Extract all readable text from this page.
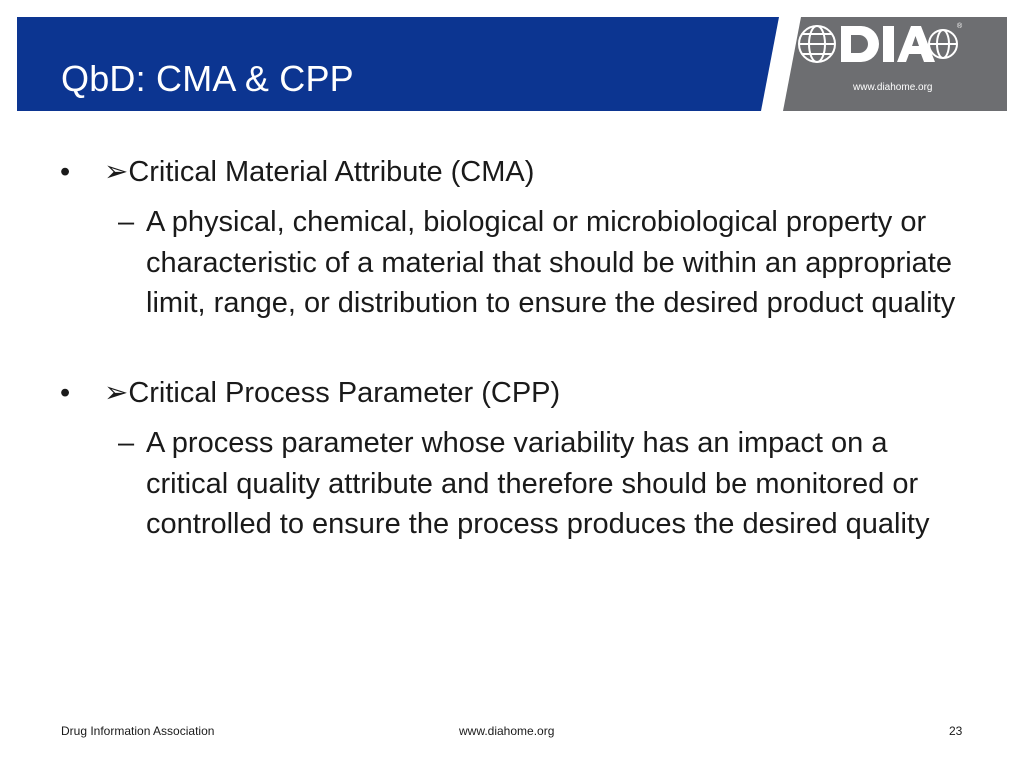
QbD: CMA & CPP
®
www.diahome.org
• ➢Critical Material Attribute (CMA)
– A physical, chemical, biological or microbiological property or characteristic of a material that should be within an appropriate limit, range, or distribution to ensure the desired product quality
• ➢Critical Process Parameter (CPP)
– A process parameter whose variability has an impact on a critical quality attribute and therefore should be monitored or controlled to ensure the process produces the desired quality
Drug Information Association	www.diahome.org	23
